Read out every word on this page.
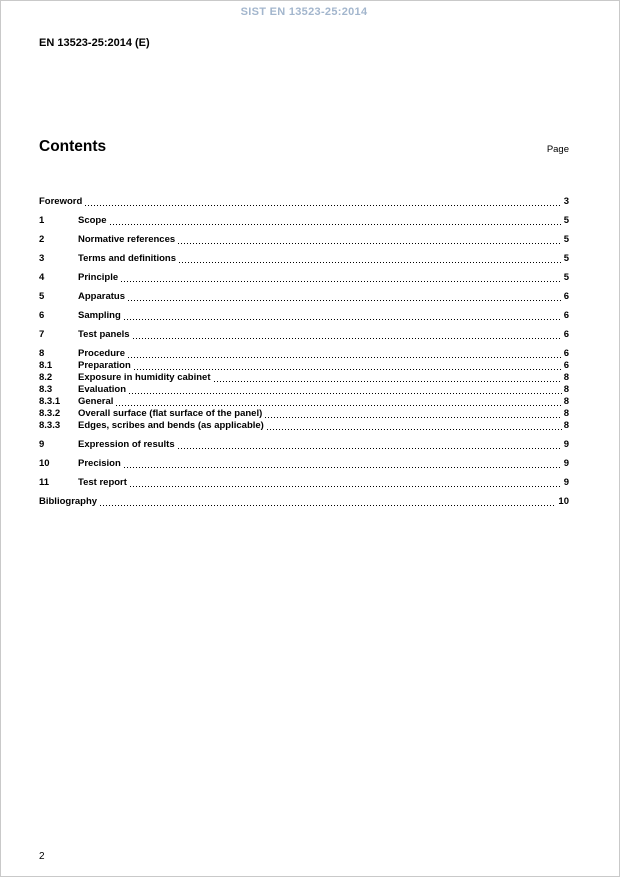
SIST EN 13523-25:2014
EN 13523-25:2014 (E)
Contents	Page
Foreword	3
1	Scope	5
2	Normative references	5
3	Terms and definitions	5
4	Principle	5
5	Apparatus	6
6	Sampling	6
7	Test panels	6
8	Procedure	6
8.1	Preparation	6
8.2	Exposure in humidity cabinet	8
8.3	Evaluation	8
8.3.1	General	8
8.3.2	Overall surface (flat surface of the panel)	8
8.3.3	Edges, scribes and bends (as applicable)	8
9	Expression of results	9
10	Precision	9
11	Test report	9
Bibliography	10
2
